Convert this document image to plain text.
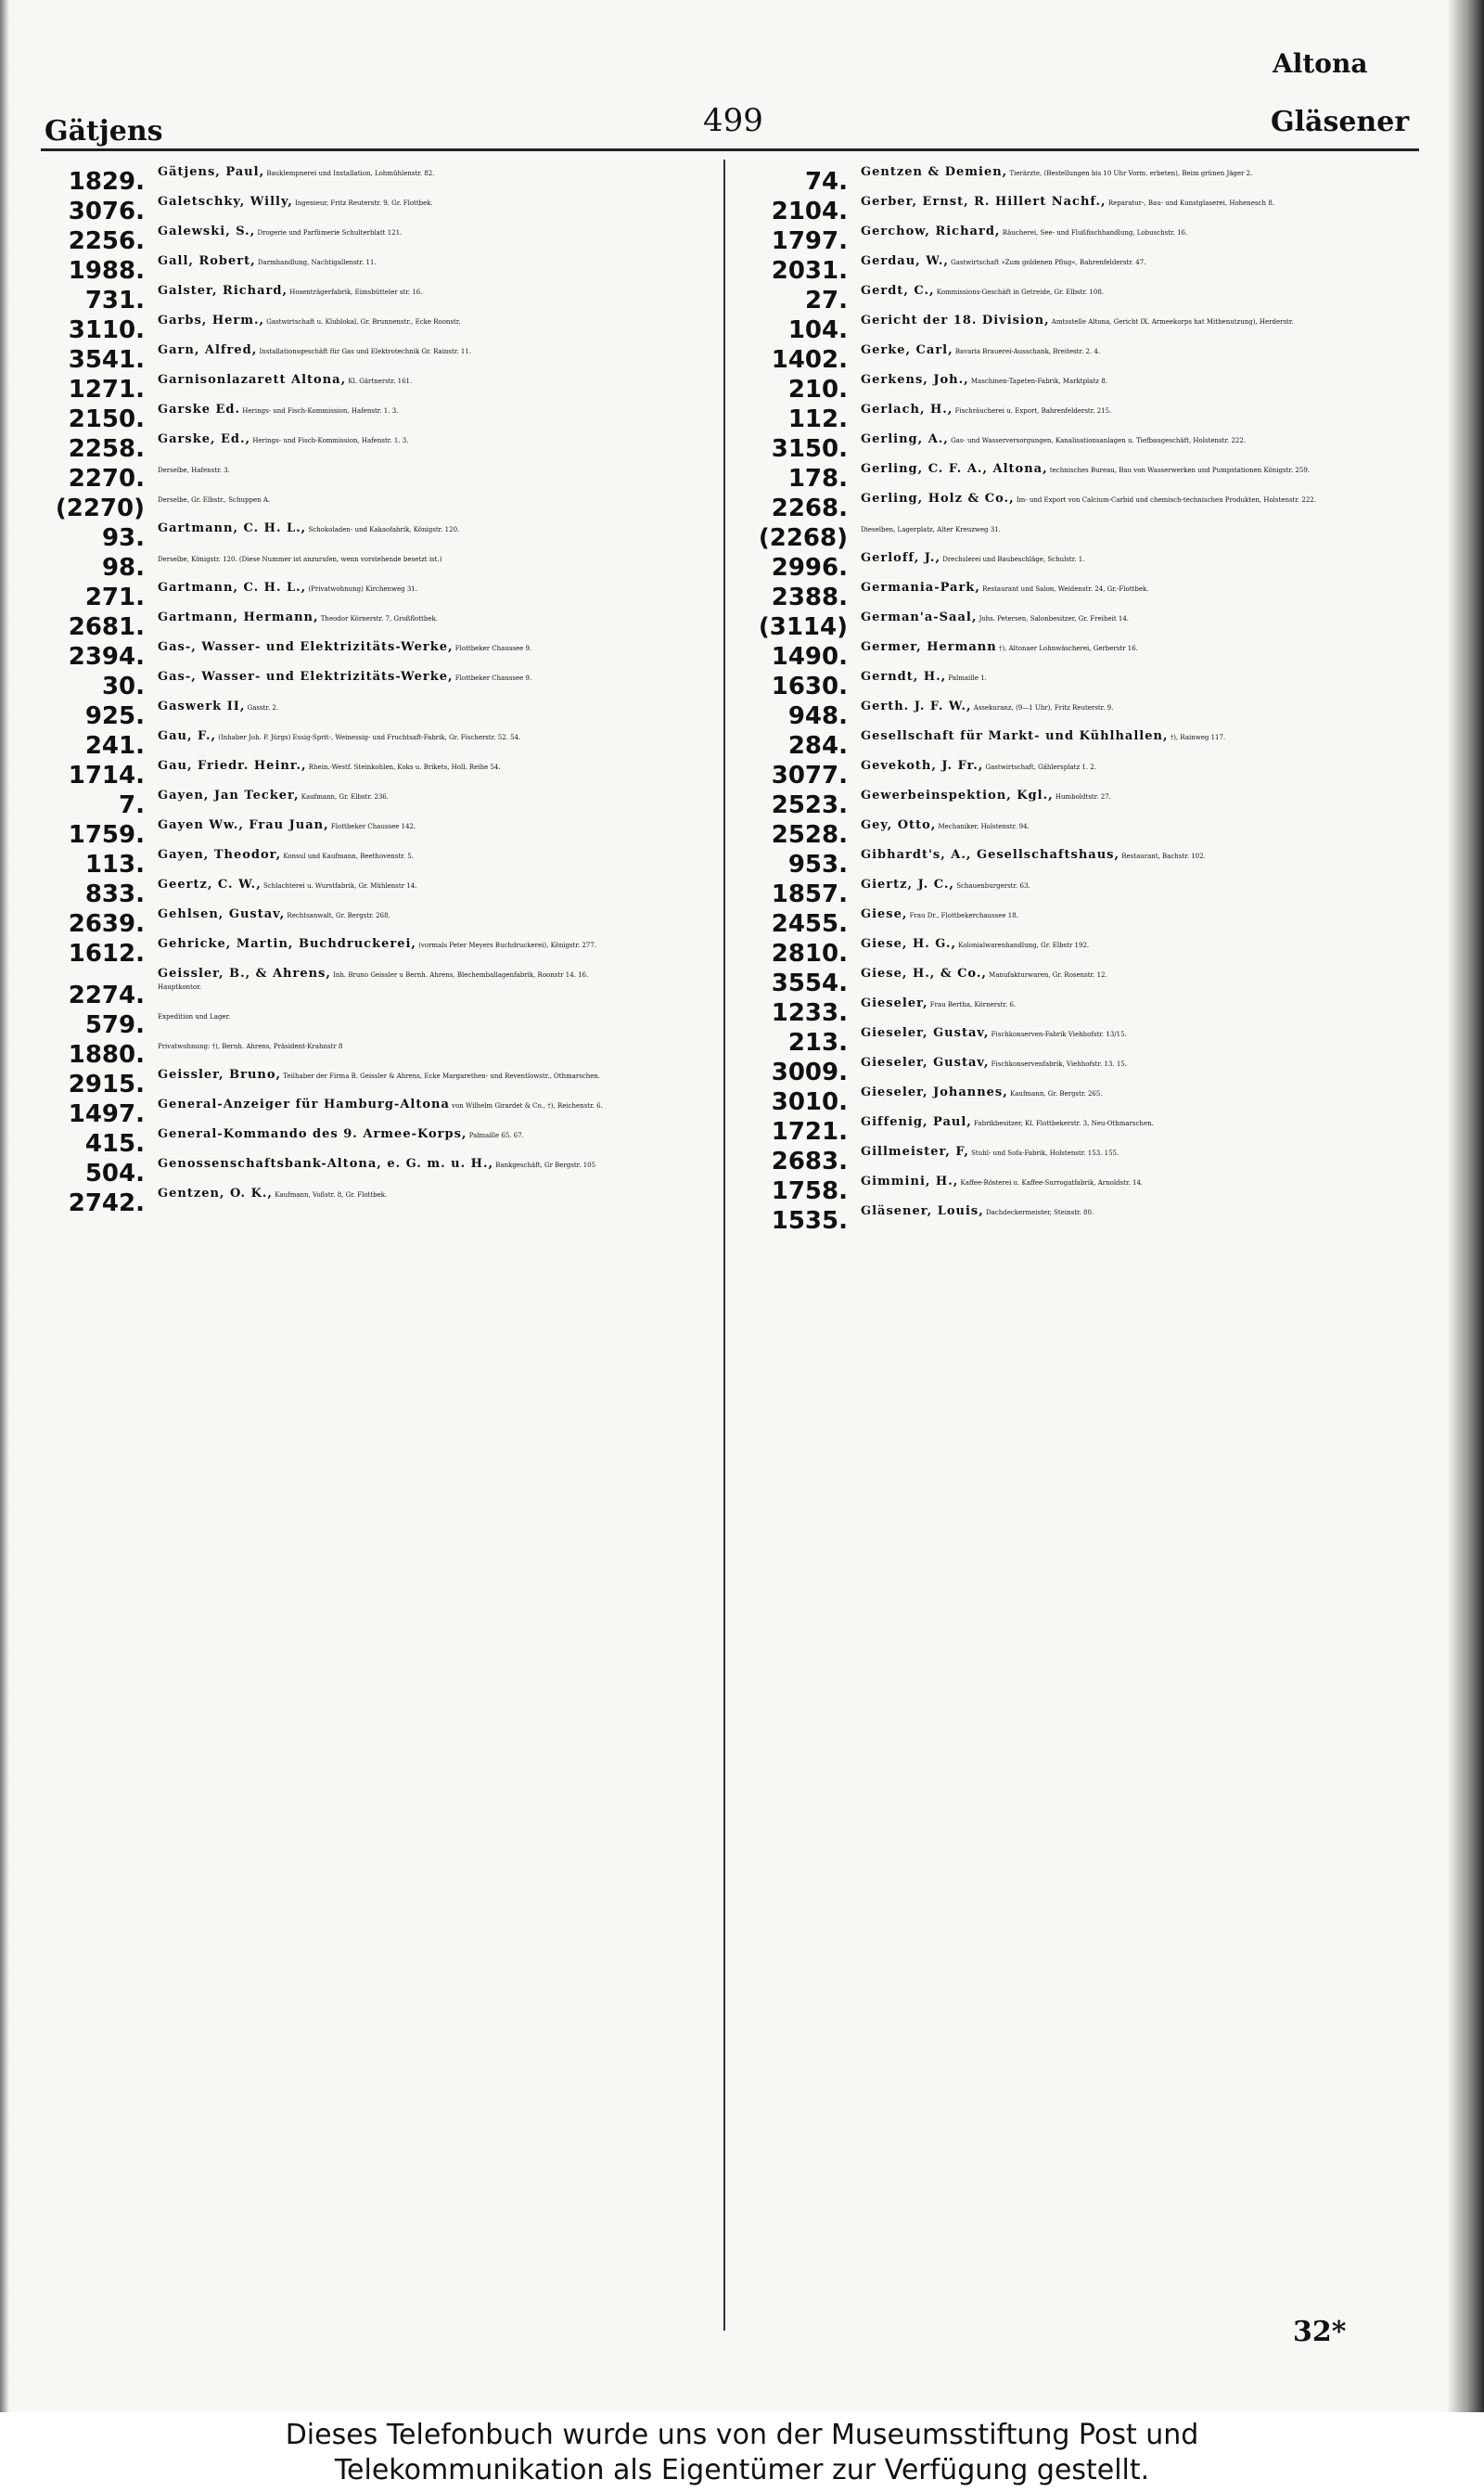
Altona
Gätjens	499	Gläsener
1829.	Gätjens, Paul, Bauklempnerei und Installation, Lohmühlenstr. 82.
3076.	Galetschky, Willy, Ingenieur, Fritz Reuterstr. 9. Gr. Flottbek.
2256.	Galewski, S., Drogerie und Parfümerie Schulterblatt 121.
1988.	Gall, Robert, Darmhandlung, Nachtigallenstr. 11.
731.	Galster, Richard, Hosenträgerfabrik, Eimsbütteler str. 16.
3110.	Garbs, Herm., Gastwirtschaft u. Klublokal, Gr. Brunnenstr., Ecke Roonstr.
3541.	Garn, Alfred, Installationsgeschäft für Gas und Elektrotechnik Gr. Rainstr. 11.
1271.	Garnisonlazarett Altona, Kl. Gärtnerstr. 161.
2150.	Garske Ed. Herings- und Fisch-Kommission, Hafenstr. 1. 3.
2258.	Garske, Ed., Herings- und Fisch-Kommission, Hafenstr. 1. 3.
2270.	Derselbe, Hafenstr. 3.
(2270)	Derselbe, Gr. Elbstr., Schuppen A.
93.	Gartmann, C. H. L., Schokoladen- und Kakaofabrik, Königstr. 120.
98.	Derselbe, Königstr. 120. (Diese Nummer ist anzurufen, wenn vorstehende besetzt ist.)
271.	Gartmann, C. H. L., (Privatwohnung) Kirchenweg 31.
2681.	Gartmann, Hermann, Theodor Körnerstr. 7, Großflottbek.
2394.	Gas-, Wasser- und Elektrizitäts-Werke, Flottbeker Chaussee 9.
30.	Gas-, Wasser- und Elektrizitäts-Werke, Flottbeker Chaussee 9.
925.	Gaswerk II, Gasstr. 2.
241.	Gau, F., (Inhaber Joh. P. Jürgs) Essig-Sprit-, Weinessig- und Fruchtsaft-Fabrik, Gr. Fischerstr. 52. 54.
1714.	Gau, Friedr. Heinr., Rhein.-Westf. Steinkohlen, Koks u. Brikets, Holl. Reihe 54.
7.	Gayen, Jan Tecker, Kaufmann, Gr. Elbstr. 236.
1759.	Gayen Ww., Frau Juan, Flottbeker Chaussee 142.
113.	Gayen, Theodor, Konsul und Kaufmann, Beethovenstr. 5.
833.	Geertz, C. W., Schlachterei u. Wurstfabrik, Gr. Mühlenstr 14.
2639.	Gehlsen, Gustav, Rechtsanwalt, Gr. Bergstr. 268.
1612.	Gehricke, Martin, Buchdruckerei, (vormals Peter Meyers Buchdruckerei), Königstr. 277.
Geissler, B., & Ahrens, Inh. Bruno Geissler u Bernh. Ahrens, Blechemballagenfabrik, Roonstr 14. 16.
2274.	Hauptkontor.
579.	Expedition und Lager.
1880.	Privatwohnung: †), Bernh. Ahrens, Präsident-Krahnstr 8
2915.	Geissler, Bruno, Teilhaber der Firma B. Geissler & Ahrens, Ecke Margarethen- und Reventlowstr., Othmarschen.
1497.	General-Anzeiger für Hamburg-Altona von Wilhelm Girardet & Co., †), Reichenstr. 6.
415.	General-Kommando des 9. Armee-Korps, Palmaille 65. 67.
504.	Genossenschaftsbank-Altona, e. G. m. u. H., Bankgeschäft, Gr Bergstr. 105
2742.	Gentzen, O. K., Kaufmann, Voßstr. 8, Gr. Flottbek.
74.	Gentzen & Demien, Tierärzte, (Bestellungen bis 10 Uhr Vorm. erbeten), Beim grünen Jäger 2.
2104.	Gerber, Ernst, R. Hillert Nachf., Reparatur-, Bau- und Kunstglaserei, Hohenesch 8.
1797.	Gerchow, Richard, Räucherei, See- und Flußfischhandlung, Lobuschstr. 16.
2031.	Gerdau, W., Gastwirtschaft »Zum goldenen Pflug«, Bahrenfelderstr. 47.
27.	Gerdt, C., Kommissions-Geschäft in Getreide, Gr. Elbstr. 108.
104.	Gericht der 18. Division, Amtsstelle Altona, Gericht IX. Armeekorps hat Mitbenutzung), Herderstr.
1402.	Gerke, Carl, Bavaria Brauerei-Ausschank, Breitestr. 2. 4.
210.	Gerkens, Joh., Maschinen-Tapeten-Fabrik, Marktplatz 8.
112.	Gerlach, H., Fischräucherei u. Export, Bahrenfelderstr. 215.
3150.	Gerling, A., Gas- und Wasserversorgungen, Kanalisationsanlagen u. Tiefbaugeschäft, Holstenstr. 222.
178.	Gerling, C. F. A., Altona, technisches Bureau, Bau von Wasserwerken und Pumpstationen Königstr. 259.
2268.	Gerling, Holz & Co., Im- und Export von Calcium-Carbid und chemisch-technischen Produkten, Holstenstr. 222.
(2268)	Dieselben, Lagerplatz, Alter Kreuzweg 31.
2996.	Gerloff, J., Drechslerei und Baubeschläge, Schulstr. 1.
2388.	Germania-Park, Restaurant und Salon, Weidenstr. 24, Gr.-Flottbek.
(3114)	German'a-Saal, Johs. Petersen, Salonbesitzer, Gr. Freiheit 14.
1490.	Germer, Hermann †), Altonaer Lohnwäscherei, Gerberstr 16.
1630.	Gerndt, H., Palmaille 1.
948.	Gerth. J. F. W., Assekuranz, (9—1 Uhr), Fritz Reuterstr. 9.
284.	Gesellschaft für Markt- und Kühlhallen, †), Rainweg 117.
3077.	Gevekoth, J. Fr., Gastwirtschaft, Gählersplatz 1. 2.
2523.	Gewerbeinspektion, Kgl., Humboldtstr. 27.
2528.	Gey, Otto, Mechaniker, Holstenstr. 94.
953.	Gibhardt's, A., Gesellschaftshaus, Restaurant, Bachstr. 102.
1857.	Giertz, J. C., Schauenburgerstr. 63.
2455.	Giese, Frau Dr., Flottbekerchaussee 18.
2810.	Giese, H. G., Kolonialwarenhandlung, Gr. Elbstr 192.
3554.	Giese, H., & Co., Manufakturwaren, Gr. Rosenstr. 12.
1233.	Gieseler, Frau Bertha, Körnerstr. 6.
213.	Gieseler, Gustav, Fischkonserven-Fabrik Viehhofstr. 13/15.
3009.	Gieseler, Gustav, Fischkonservenfabrik, Viehhofstr. 13. 15.
3010.	Gieseler, Johannes, Kaufmann, Gr. Bergstr. 265.
1721.	Giffenig, Paul, Fabrikbesitzer, Kl. Flottbekerstr. 3, Neu-Othmarschen.
2683.	Gillmeister, F, Stuhl- und Sofa-Fabrik, Holstenstr. 153. 155.
1758.	Gimmini, H., Kaffee-Rösterei u. Kaffee-Surrogatfabrik, Arnoldstr. 14.
1535.	Gläsener, Louis, Dachdeckermeister, Steinstr. 80.
32*
Dieses Telefonbuch wurde uns von der Museumsstiftung Post und
Telekommunikation als Eigentümer zur Verfügung gestellt.
